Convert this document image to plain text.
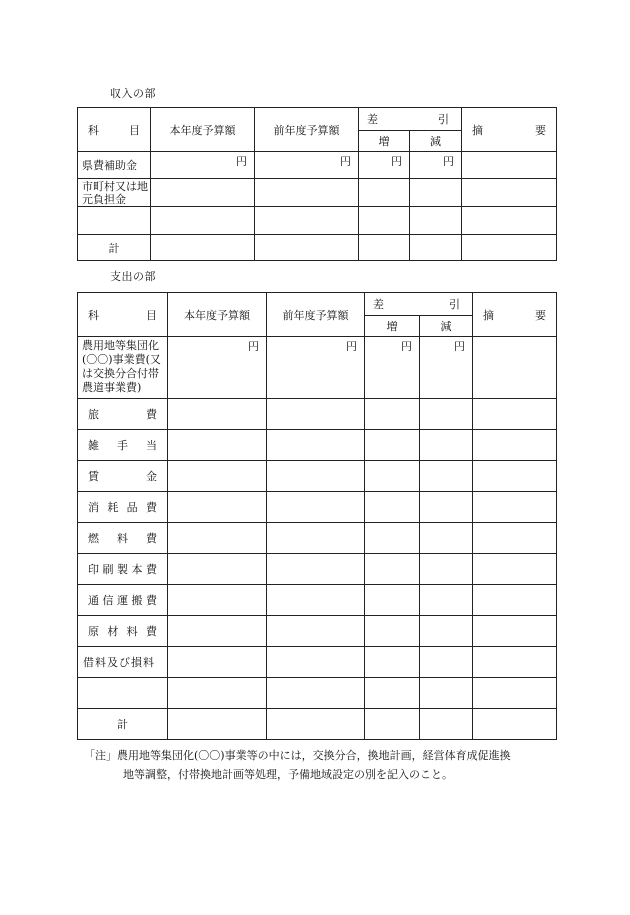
収入の部
科 目	本年度予算額	前年度予算額	差 引		摘 要

			増	減	
県費補助金	円	円	円	円	
市町村又は地元負担金					

計					
支出の部
科 目	本年度予算額	前年度予算額	差 引		摘 要

			増	減	
農用地等集団化(〇〇)事業費(又は交換分合付帯農道事業費)	円	円	円	円	

旅 費					

雑 手 当					

賃 金					

消 耗 品 費					

燃 料 費					

印 刷 製 本 費					

通 信 運 搬 費					

原 材 料 費					

借料及び損料					

計					
「注」農用地等集団化(〇〇)事業等の中には，交換分合，換地計画，経営体育成促進換
地等調整，付帯換地計画等処理，予備地域設定の別を記入のこと。
